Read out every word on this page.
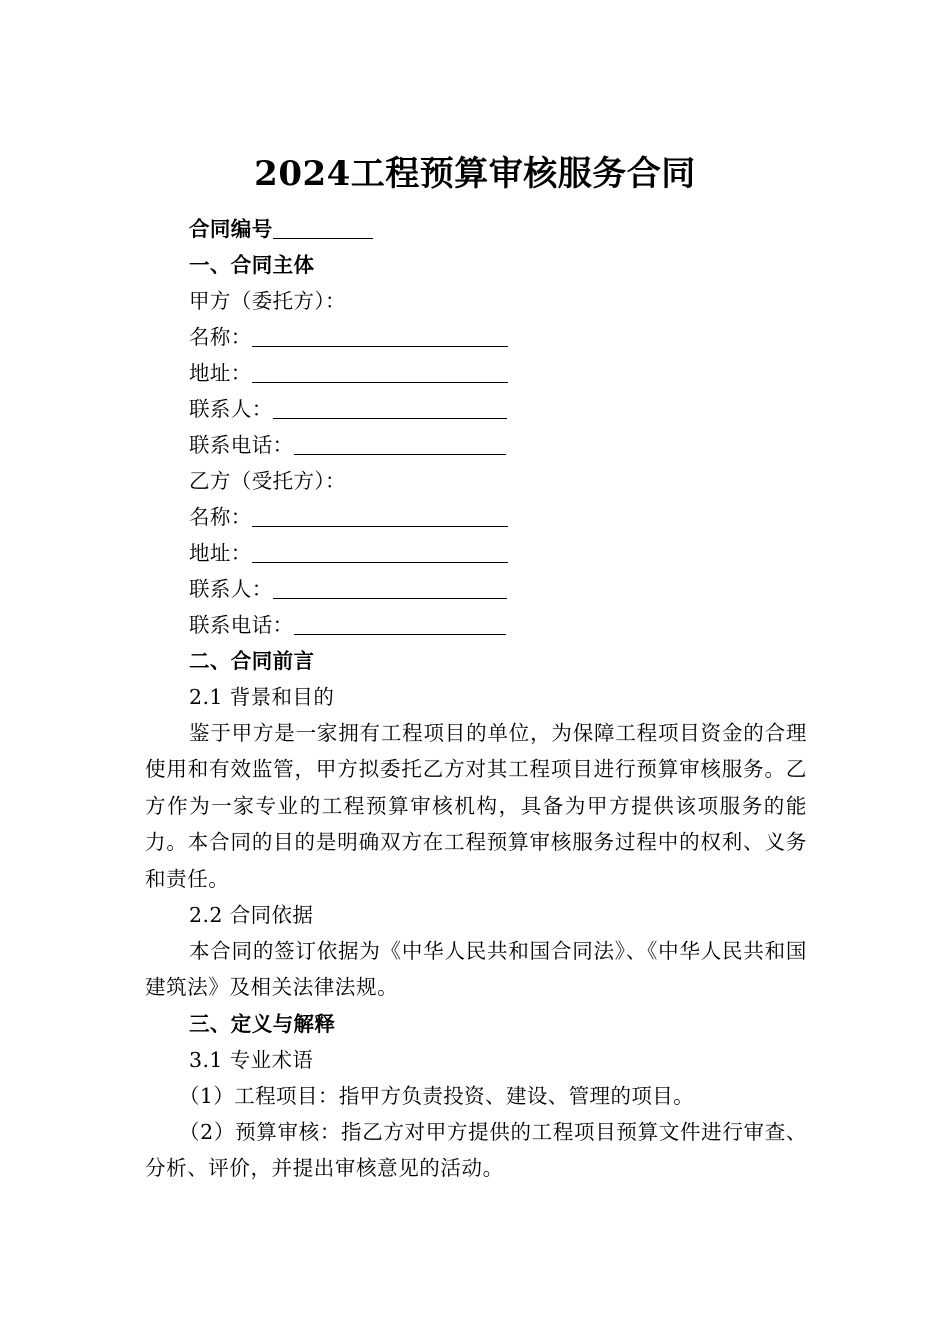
2024工程预算审核服务合同
合同编号
一、合同主体
甲方（委托方）：
名称：
地址：
联系人：
联系电话：
乙方（受托方）：
名称：
地址：
联系人：
联系电话：
二、合同前言
2.1 背景和目的
鉴于甲方是一家拥有工程项目的单位，为保障工程项目资金的合理使用和有效监管，甲方拟委托乙方对其工程项目进行预算审核服务。乙方作为一家专业的工程预算审核机构，具备为甲方提供该项服务的能力。本合同的目的是明确双方在工程预算审核服务过程中的权利、义务和责任。
2.2 合同依据
本合同的签订依据为《中华人民共和国合同法》、《中华人民共和国建筑法》及相关法律法规。
三、定义与解释
3.1 专业术语
（1）工程项目：指甲方负责投资、建设、管理的项目。
（2）预算审核：指乙方对甲方提供的工程项目预算文件进行审查、分析、评价，并提出审核意见的活动。
